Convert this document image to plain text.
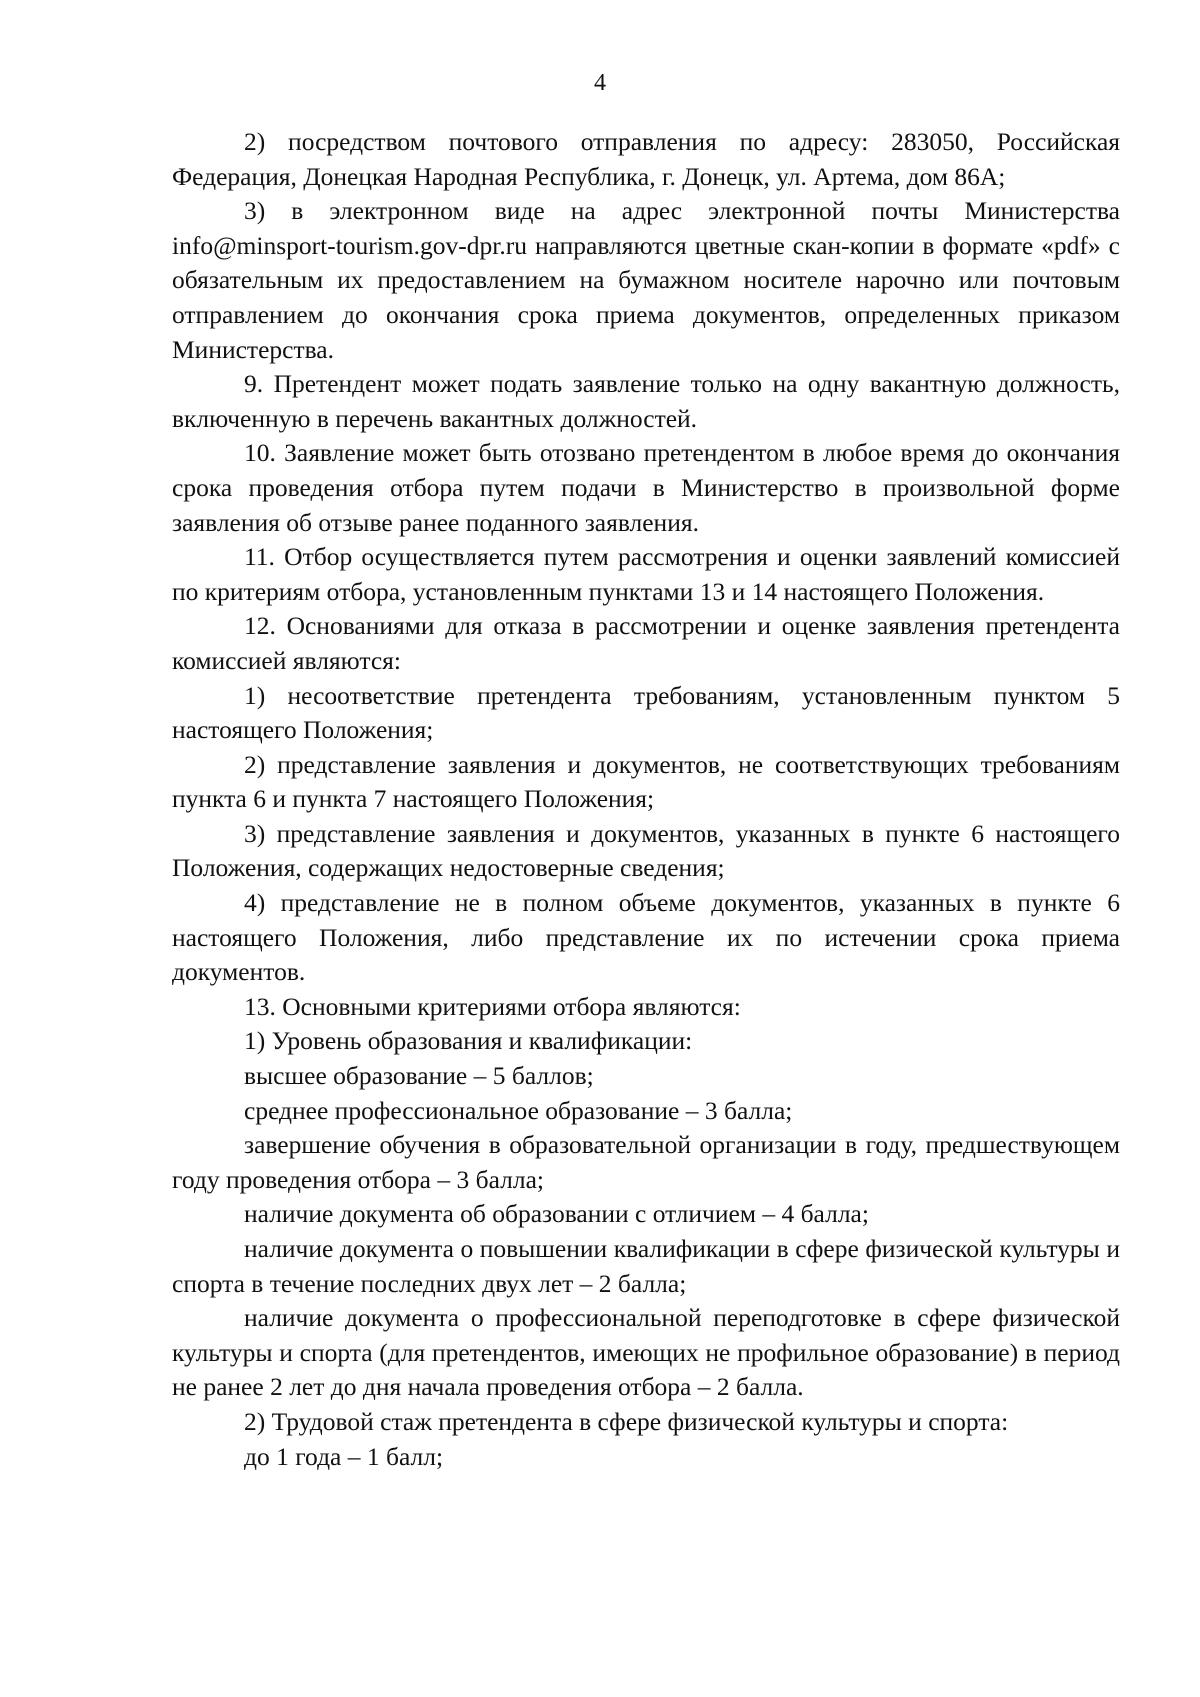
4

2) посредством почтового отправления по адресу: 283050, Российская Федерация, Донецкая Народная Республика, г. Донецк, ул. Артема, дом 86А;

3) в электронном виде на адрес электронной почты Министерства info@minsport-tourism.gov-dpr.ru направляются цветные скан-копии в формате «pdf» с обязательным их предоставлением на бумажном носителе нарочно или почтовым отправлением до окончания срока приема документов, определенных приказом Министерства.

9. Претендент может подать заявление только на одну вакантную должность, включенную в перечень вакантных должностей.

10. Заявление может быть отозвано претендентом в любое время до окончания срока проведения отбора путем подачи в Министерство в произвольной форме заявления об отзыве ранее поданного заявления.

11. Отбор осуществляется путем рассмотрения и оценки заявлений комиссией по критериям отбора, установленным пунктами 13 и 14 настоящего Положения.

12. Основаниями для отказа в рассмотрении и оценке заявления претендента комиссией являются:

1) несоответствие претендента требованиям, установленным пунктом 5 настоящего Положения;

2) представление заявления и документов, не соответствующих требованиям пункта 6 и пункта 7 настоящего Положения;

3) представление заявления и документов, указанных в пункте 6 настоящего Положения, содержащих недостоверные сведения;

4) представление не в полном объеме документов, указанных в пункте 6 настоящего Положения, либо представление их по истечении срока приема документов.

13. Основными критериями отбора являются:

1) Уровень образования и квалификации:

высшее образование – 5 баллов;

среднее профессиональное образование – 3 балла;

завершение обучения в образовательной организации в году, предшествующем году проведения отбора – 3 балла;

наличие документа об образовании с отличием – 4 балла;

наличие документа о повышении квалификации в сфере физической культуры и спорта в течение последних двух лет – 2 балла;

наличие документа о профессиональной переподготовке в сфере физической культуры и спорта (для претендентов, имеющих не профильное образование) в период не ранее 2 лет до дня начала проведения отбора – 2 балла.

2) Трудовой стаж претендента в сфере физической культуры и спорта:

до 1 года – 1 балл;
